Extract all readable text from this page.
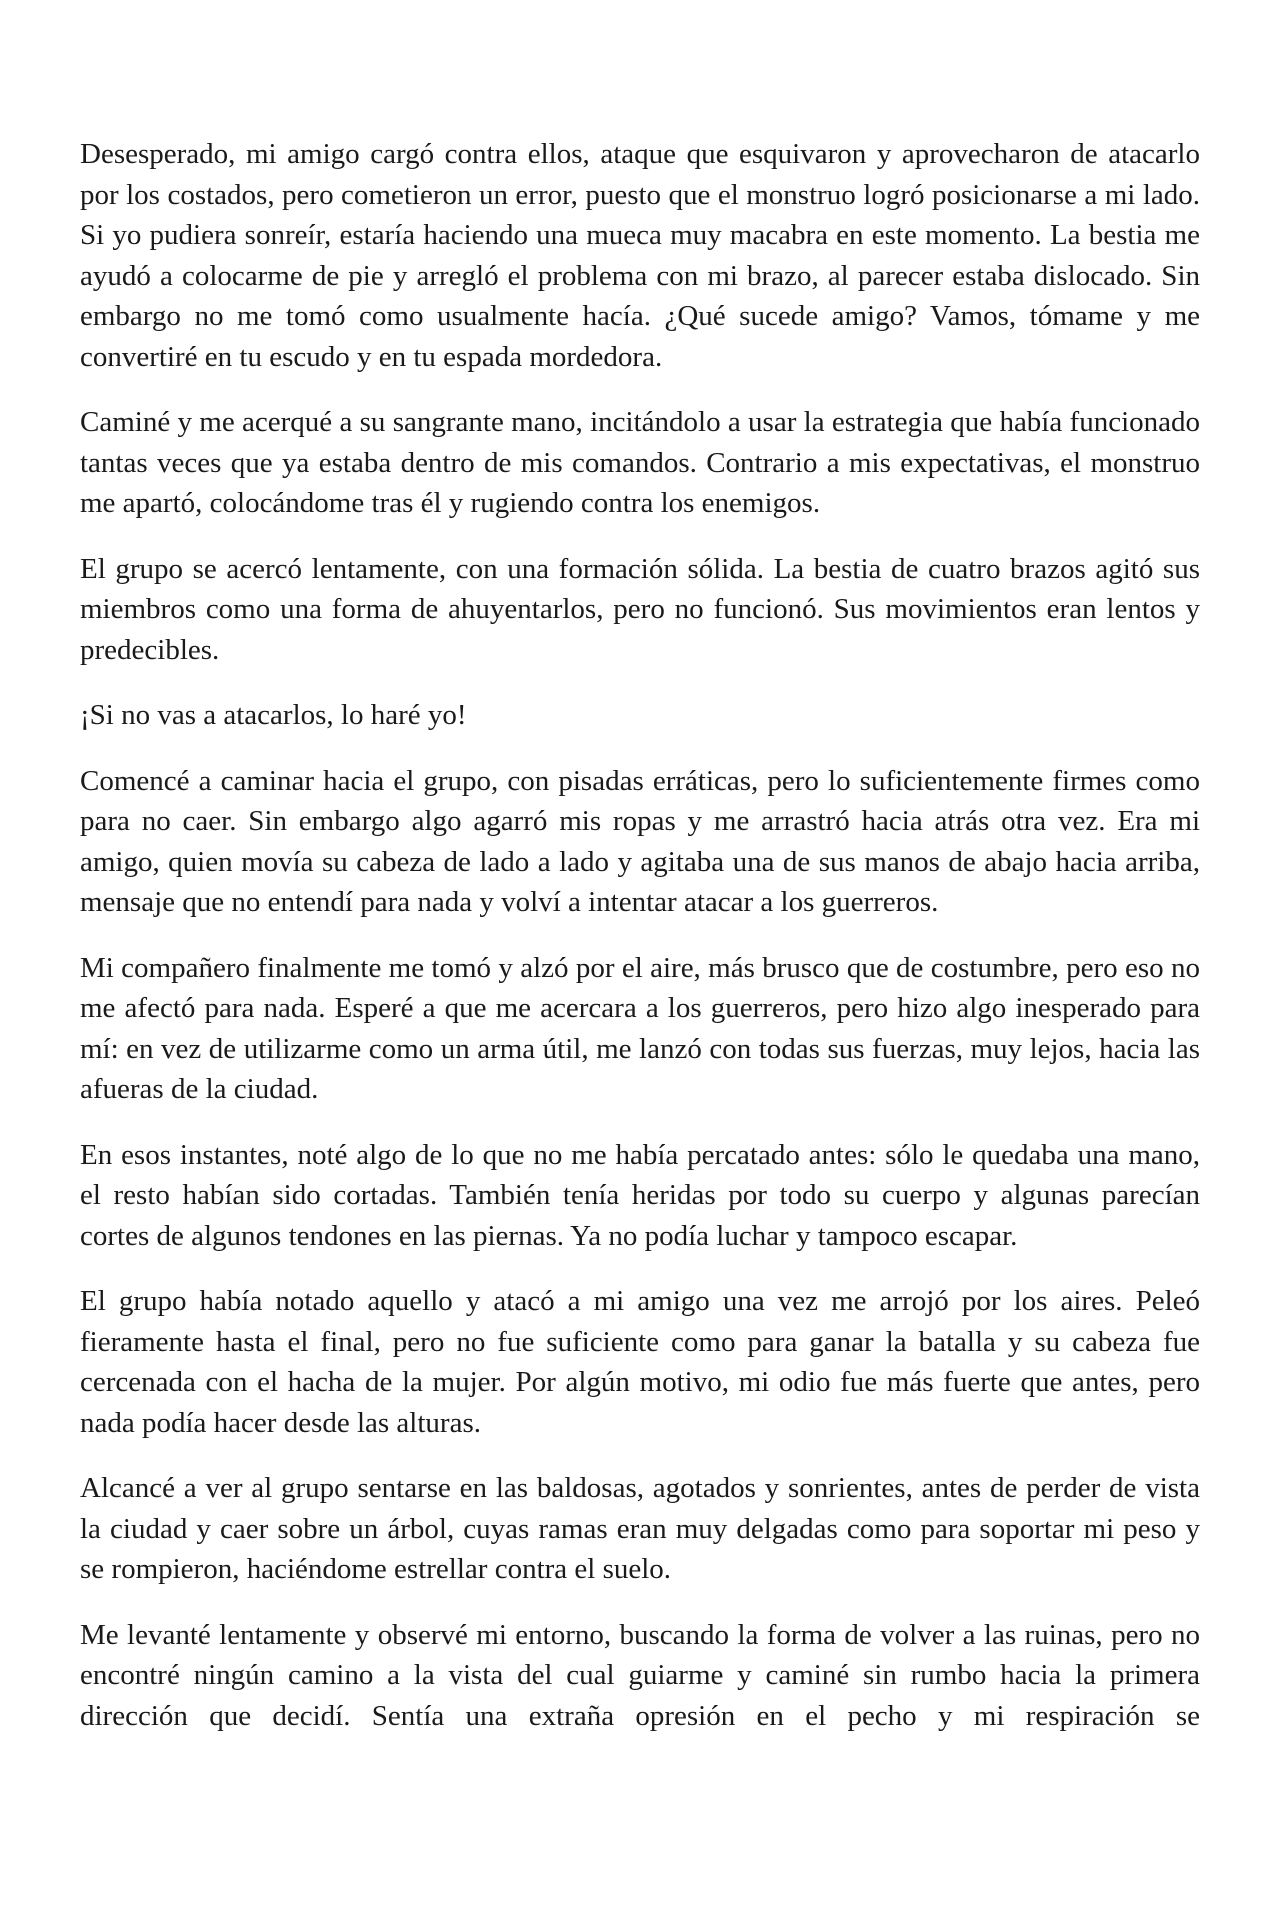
Desesperado, mi amigo cargó contra ellos, ataque que esquivaron y aprovecharon de atacarlo por los costados, pero cometieron un error, puesto que el monstruo logró posicionarse a mi lado. Si yo pudiera sonreír, estaría haciendo una mueca muy macabra en este momento. La bestia me ayudó a colocarme de pie y arregló el problema con mi brazo, al parecer estaba dislocado. Sin embargo no me tomó como usualmente hacía. ¿Qué sucede amigo? Vamos, tómame y me convertiré en tu escudo y en tu espada mordedora.

Caminé y me acerqué a su sangrante mano, incitándolo a usar la estrategia que había funcionado tantas veces que ya estaba dentro de mis comandos. Contrario a mis expectativas, el monstruo me apartó, colocándome tras él y rugiendo contra los enemigos.

El grupo se acercó lentamente, con una formación sólida. La bestia de cuatro brazos agitó sus miembros como una forma de ahuyentarlos, pero no funcionó. Sus movimientos eran lentos y predecibles.

¡Si no vas a atacarlos, lo haré yo!

Comencé a caminar hacia el grupo, con pisadas erráticas, pero lo suficientemente firmes como para no caer. Sin embargo algo agarró mis ropas y me arrastró hacia atrás otra vez. Era mi amigo, quien movía su cabeza de lado a lado y agitaba una de sus manos de abajo hacia arriba, mensaje que no entendí para nada y volví a intentar atacar a los guerreros.

Mi compañero finalmente me tomó y alzó por el aire, más brusco que de costumbre, pero eso no me afectó para nada. Esperé a que me acercara a los guerreros, pero hizo algo inesperado para mí: en vez de utilizarme como un arma útil, me lanzó con todas sus fuerzas, muy lejos, hacia las afueras de la ciudad.

En esos instantes, noté algo de lo que no me había percatado antes: sólo le quedaba una mano, el resto habían sido cortadas. También tenía heridas por todo su cuerpo y algunas parecían cortes de algunos tendones en las piernas. Ya no podía luchar y tampoco escapar.

El grupo había notado aquello y atacó a mi amigo una vez me arrojó por los aires. Peleó fieramente hasta el final, pero no fue suficiente como para ganar la batalla y su cabeza fue cercenada con el hacha de la mujer. Por algún motivo, mi odio fue más fuerte que antes, pero nada podía hacer desde las alturas.

Alcancé a ver al grupo sentarse en las baldosas, agotados y sonrientes, antes de perder de vista la ciudad y caer sobre un árbol, cuyas ramas eran muy delgadas como para soportar mi peso y se rompieron, haciéndome estrellar contra el suelo.

Me levanté lentamente y observé mi entorno, buscando la forma de volver a las ruinas, pero no encontré ningún camino a la vista del cual guiarme y caminé sin rumbo hacia la primera dirección que decidí. Sentía una extraña opresión en el pecho y mi respiración se
